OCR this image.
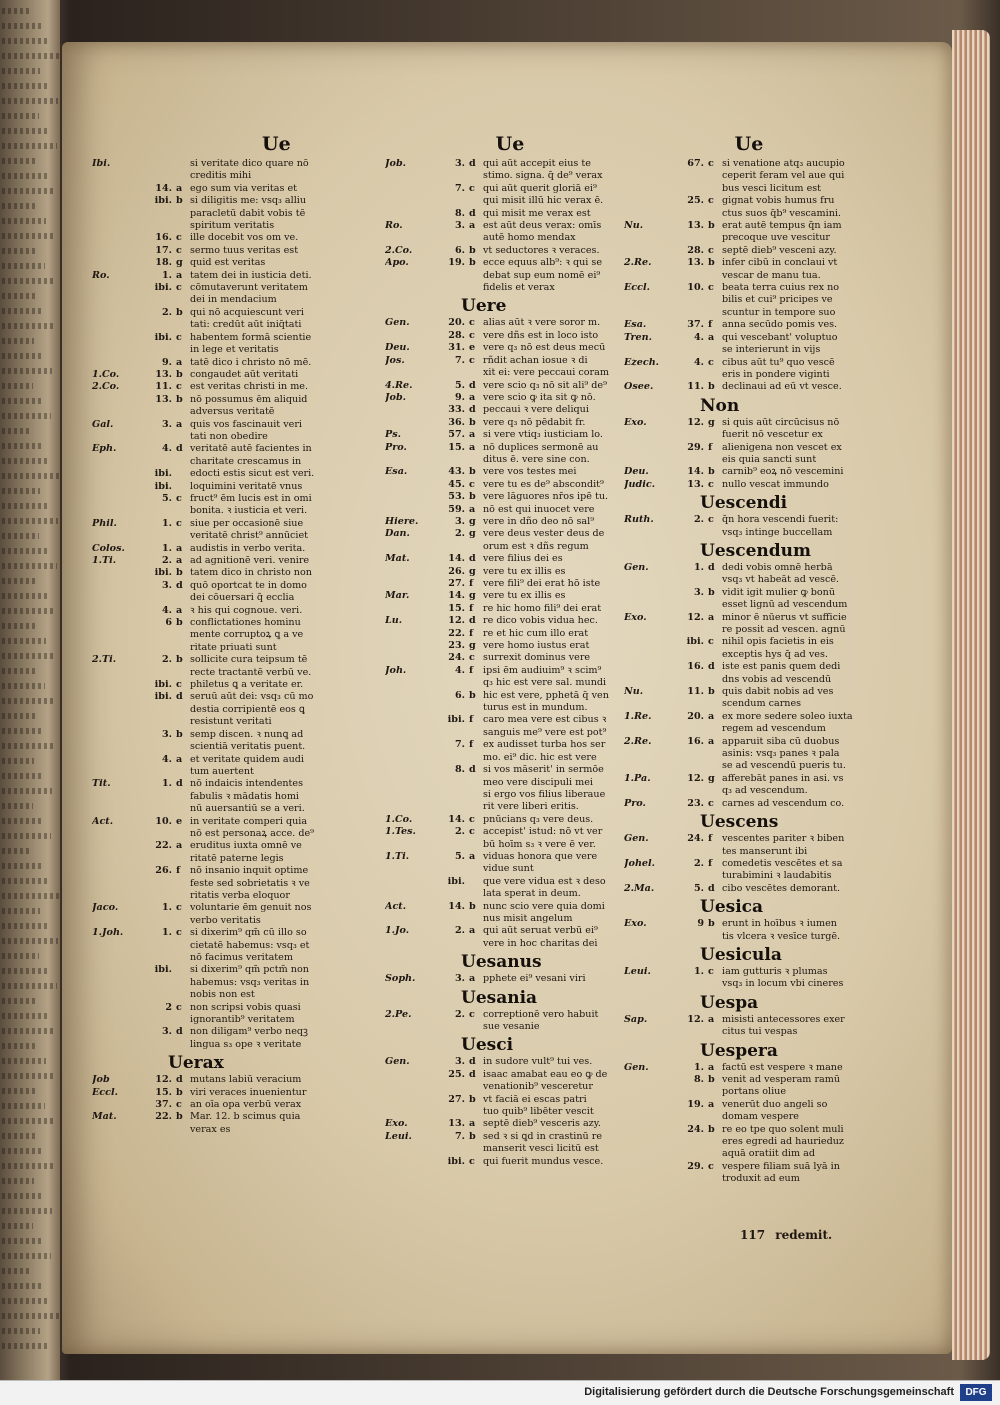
Ue
Ibi.	si veritate dico quare nō
creditis mihi
14. a ego sum via veritas et
ibi. b si diligitis me: vsq₃ alliu
paracletū dabit vobis tē
spiritum veritatis
16. c ille docebit vos om ve.
17. c sermo tuus veritas est
18. g quid est veritas
Ro.	1. a tatem dei in iusticia deti.
ibi. c cōmutaverunt veritatem
dei in mendacium
2. b qui nō acquiescunt veri
tati: credūt aūt iniq̄tati
ibi. c habentem formā scientie
in lege et veritatis
9. a tatē dico i christo nō mē.
1.Co.	13. b congaudet aūt veritati
2.Co.	11. c est veritas christi in me.
13. b nō possumus ēm aliquid
adversus veritatē
Gal.	3. a quis vos fascinauit veri
tati non obedire
Eph.	4. d veritatē autē facientes in
charitate crescamus in
ibi.	edocti estis sicut est veri.
ibi.	loquimini veritatē vnus
5. c fruct⁹ ēm lucis est in omi
bonita. ꝛ iusticia et veri.
Phil.	1. c siue per occasionē siue
veritatē christ⁹ annūciet
Colos.	1. a audistis in verbo verita.
1.Ti.	2. a ad agnitionē veri. venire
ibi. b tatem dico in christo non
3. d quō oportcat te in domo
dei cōuersari q̄ ecclia
4. a ꝛ his qui cognoue. veri.
6 b conflictationes hominu
mente corruptoꝝ ꝗ a ve
ritate priuati sunt
2.Ti.	2. b sollicite cura teipsum tē
recte tractantē verbū ve.
ibi. c philetus ꝗ a veritate er.
ibi. d seruū aūt dei: vsq₃ cū mo
destia corripientē eos ꝗ
resistunt veritati
3. b semp discen. ꝛ nunꝗ ad
scientiā veritatis puent.
4. a et veritate quidem audi
tum auertent
Tit.	1. d nō indaicis intendentes
fabulis ꝛ mādatis homi
nū auersantiū se a veri.
Act.	10. e in veritate comperi quia
nō est personaꝝ acce. de⁹
22. a eruditus iuxta omnē ve
ritatē paterne legis
26. f	nō insanio inquit optime
feste sed sobrietatis ꝛ ve
ritatis verba eloquor
Jaco.	1. c voluntarie ēm genuit nos
verbo veritatis
1.Joh.	1. c si dixerim⁹ qm̄ cū illo so
cietatē habemus: vsq₃ et
nō facimus veritatem
ibi.	si dixerim⁹ qm̄ pctm̄ non
habemus: vsq₃ veritas in
nobis non est
2 c non scripsi vobis quasi
ignorantib⁹ veritatem
3. d non diligam⁹ verbo neqꝫ
lingua s₃ ope ꝛ veritate
Uerax
Job	12. d mutans labiū veracium
Eccl.	15. b viri veraces inuenientur
37. c an oīa opa verbū verax
Mat.	22. b Mar. 12. b scimus quia
verax es
Ue
Job.	3. d qui aūt accepit eius te
stimo. signa. q̄ de⁹ verax
7. c qui aūt querit gloriā ei⁹
qui misit illū hic verax ē.
8. d qui misit me verax est
Ro.	3. a est aūt deus verax: omīs
autē homo mendax
2.Co.	6. b vt seductores ꝛ veraces.
Apo.	19. b ecce equus alb⁹: ꝛ qui se
debat sup eum nomē ei⁹
fidelis et verax
Uere
Gen.	20. c alias aūt ꝛ vere soror m.
28. c vere dñs est in loco isto
Deu.	31. e vere q₃ nō est deus mecū
Jos.	7. c rñdit achan iosue ꝛ di
xit ei: vere peccaui coram
4.Re.	5. d vere scio q₃ nō sit ali⁹ de⁹
Job.	9. a vere scio ꝙ ita sit ꝙ nō.
33. d peccaui ꝛ vere deliqui
36. b vere q₃ nō pēdabit fr.
Ps.	57. a si vere vtiq₃ iusticiam lo.
Pro.	15. a nō duplices sermonē au
ditus ē. vere sine con.
Esa.	43. b vere vos testes mei
45. c vere tu es de⁹ abscondit⁹
53. b vere lāguores nr̄os ipē tu.
59. a nō est qui inuocet vere
Hiere.	3. g vere in dño deo nō sal⁹
Dan.	2. g vere deus vester deus de
orum est ꝛ dñs regum
Mat.	14. d vere filius dei es
26. g vere tu ex illis es
27. f	vere fili⁹ dei erat hō iste
Mar.	14. g vere tu ex illis es
15. f	re hic homo fili⁹ dei erat
Lu.	12. d re dico vobis vidua hec.
22. f	re et hic cum illo erat
23. g vere homo iustus erat
24. c surrexit dominus vere
Joh.	4. f	ipsi ēm audiuim⁹ ꝛ scim⁹
q₃ hic est vere sal. mundi
6. b hic est vere, pphetā q̄ ven
turus est in mundum.
ibi. f	caro mea vere est cibus ꝛ
sanguis me⁹ vere est pot⁹
7. f	ex audisset turba hos ser
mo. ei⁹ dic. hic est vere
8. d si vos māserit' in sermōe
meo vere discipuli mei
si ergo vos filius liberaue
rit vere liberi eritis.
1.Co.	14. c pnūcians q₃ vere deus.
1.Tes.	2. c accepist' istud: nō vt ver
bū hoīm s₃ ꝛ vere ē ver.
1.Ti.	5. a viduas honora que vere
vidue sunt
ibi.	que vere vidua est ꝛ deso
lata sperat in deum.
Act.	14. b nunc scio vere quia domi
nus misit angelum
1.Jo.	2. a qui aūt seruat verbū ei⁹
vere in hoc charitas dei
Uesanus
Soph.	3. a pphete ei⁹ vesani viri
Uesania
2.Pe.	2. c correptionē vero habuit
sue vesanie
Uesci
Gen.	3. d in sudore vult⁹ tui ves.
25. d isaac amabat eau eo ꝙ de
venationib⁹ vesceretur
27. b vt faciā ei escas patri
tuo quib⁹ libēter vescit
Exo.	13. a septē dieb⁹ vesceris azy.
Leui.	7. b sed ꝛ si ꝗd in crastinū re
manserit vesci licitū est
ibi. c qui fuerit mundus vesce.
Ue
67. c si venatione atq₃ aucupio
ceperit feram vel aue qui
bus vesci licitum est
25. c gignat vobis humus fru
ctus suos q̄b⁹ vescamini.
Nu.	13. b erat autē tempus q̄n iam
precoque uve vescitur
28. c septē dieb⁹ vesceni azy.
2.Re.	13. b infer cibū in conclaui vt
vescar de manu tua.
Eccl.	10. c beata terra cuius rex no
bilis et cui⁹ pricipes ve
scuntur in tempore suo
Esa.	37. f	anna secūdo pomis ves.
Tren.	4. a qui vescebant' voluptuo
se interierunt in vijs
Ezech.	4. c cibus aūt tu⁹ quo vescē
eris in pondere viginti
Osee.	11. b declinaui ad eū vt vesce.
Non
Exo.	12. g si quis aūt circūcisus nō
fuerit nō vescetur ex
29. f	alienigena non vescet ex
eis quia sancti sunt
Deu.	14. b carnib⁹ eoꝝ nō vescemini
Judic.	13. c nullo vescat immundo
Uescendi
Ruth.	2. c q̄n hora vescendi fuerit:
vsq₃ intinge buccellam
Uescendum
Gen.	1. d dedi vobis omnē herbā
vsq₃ vt habeāt ad vescē.
3. b vidit igit mulier ꝙ bonū
esset lignū ad vescendum
Exo.	12. a minor ē nūerus vt sufficie
re possit ad vescen. agnū
ibi. c nihil opis facietis in eis
exceptis hys q̄ ad ves.
16. d iste est panis quem dedi
dns vobis ad vescendū
Nu.	11. b quis dabit nobis ad ves
scendum carnes
1.Re.	20. a ex more sedere soleo iuxta
regem ad vescendum
2.Re.	16. a apparuit siba cū duobus
asinis: vsq₃ panes ꝛ pala
se ad vescendū pueris tu.
1.Pa.	12. g afferebāt panes in asi. vs
q₃ ad vescendum.
Pro.	23. c carnes ad vescendum co.
Uescens
Gen.	24. f	vescentes pariter ꝛ biben
tes manserunt ibi
Johel.	2. f	comedetis vescētes et sa
turabimini ꝛ laudabitis
2.Ma.	5. d cibo vescētes demorant.
Uesica
Exo.	9 b erunt in hoībus ꝛ iumen
tis vlcera ꝛ vesīce turgē.
Uesicula
Leui.	1. c iam gutturis ꝛ plumas
vsq₃ in locum vbi cineres
Uespa
Sap.	12. a misisti antecessores exer
citus tui vespas
Uespera
Gen.	1. a factū est vespere ꝛ mane
8. b venit ad vesperam ramū
portans oliue
19. a venerūt duo angeli so
domam vespere
24. b re eo tpe quo solent muli
eres egredi ad haurieduz
aquā oratiit dim ad
29. c vespere filiam suā lyā in
troduxit ad eum
117 redemit.
Digitalisierung gefördert durch die Deutsche Forschungsgemeinschaft	DFG
